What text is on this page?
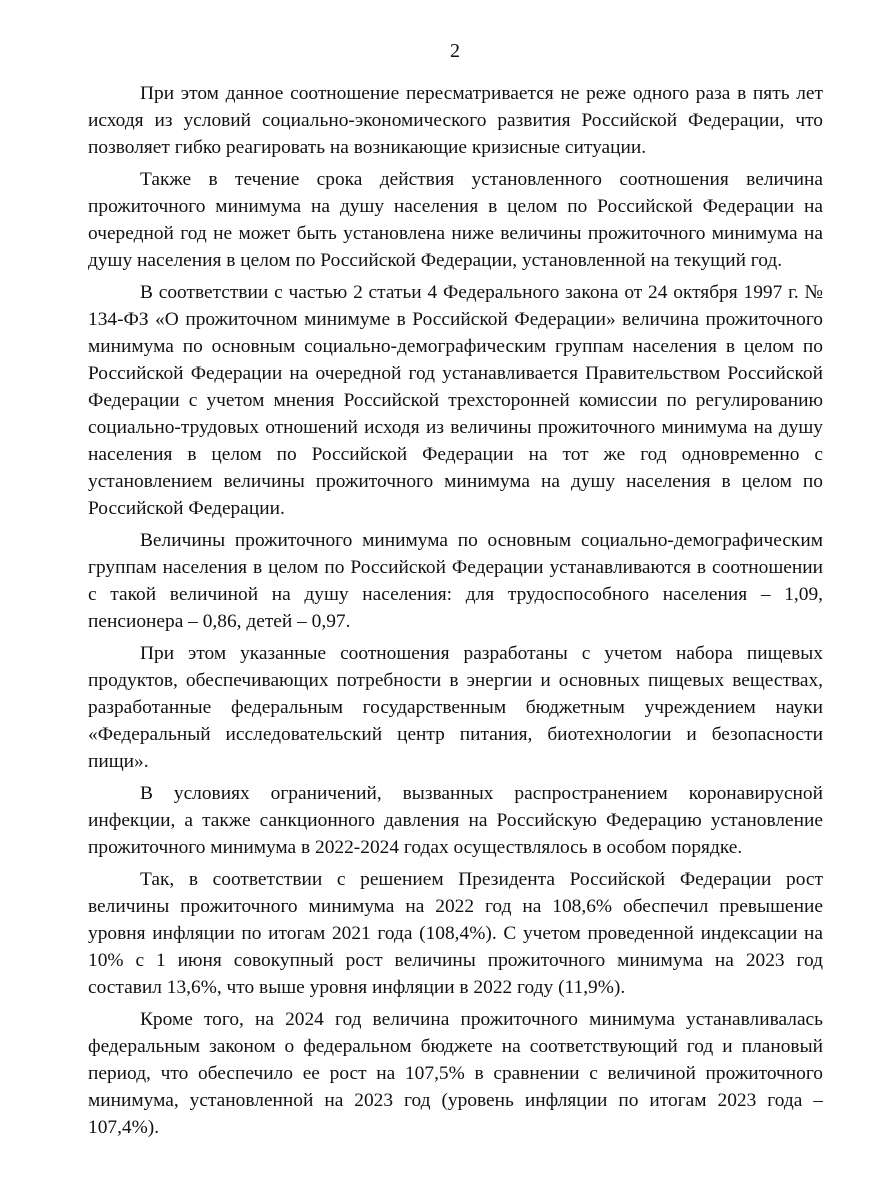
2

При этом данное соотношение пересматривается не реже одного раза в пять лет исходя из условий социально-экономического развития Российской Федерации, что позволяет гибко реагировать на возникающие кризисные ситуации.

Также в течение срока действия установленного соотношения величина прожиточного минимума на душу населения в целом по Российской Федерации на очередной год не может быть установлена ниже величины прожиточного минимума на душу населения в целом по Российской Федерации, установленной на текущий год.

В соответствии с частью 2 статьи 4 Федерального закона от 24 октября 1997 г. № 134-ФЗ «О прожиточном минимуме в Российской Федерации» величина прожиточного минимума по основным социально-демографическим группам населения в целом по Российской Федерации на очередной год устанавливается Правительством Российской Федерации с учетом мнения Российской трехсторонней комиссии по регулированию социально-трудовых отношений исходя из величины прожиточного минимума на душу населения в целом по Российской Федерации на тот же год одновременно с установлением величины прожиточного минимума на душу населения в целом по Российской Федерации.

Величины прожиточного минимума по основным социально-демографическим группам населения в целом по Российской Федерации устанавливаются в соотношении с такой величиной на душу населения: для трудоспособного населения – 1,09, пенсионера – 0,86, детей – 0,97.

При этом указанные соотношения разработаны с учетом набора пищевых продуктов, обеспечивающих потребности в энергии и основных пищевых веществах, разработанные федеральным государственным бюджетным учреждением науки «Федеральный исследовательский центр питания, биотехнологии и безопасности пищи».

В условиях ограничений, вызванных распространением коронавирусной инфекции, а также санкционного давления на Российскую Федерацию установление прожиточного минимума в 2022-2024 годах осуществлялось в особом порядке.

Так, в соответствии с решением Президента Российской Федерации рост величины прожиточного минимума на 2022 год на 108,6% обеспечил превышение уровня инфляции по итогам 2021 года (108,4%). С учетом проведенной индексации на 10% с 1 июня совокупный рост величины прожиточного минимума на 2023 год составил 13,6%, что выше уровня инфляции в 2022 году (11,9%).

Кроме того, на 2024 год величина прожиточного минимума устанавливалась федеральным законом о федеральном бюджете на соответствующий год и плановый период, что обеспечило ее рост на 107,5% в сравнении с величиной прожиточного минимума, установленной на 2023 год (уровень инфляции по итогам 2023 года – 107,4%).
